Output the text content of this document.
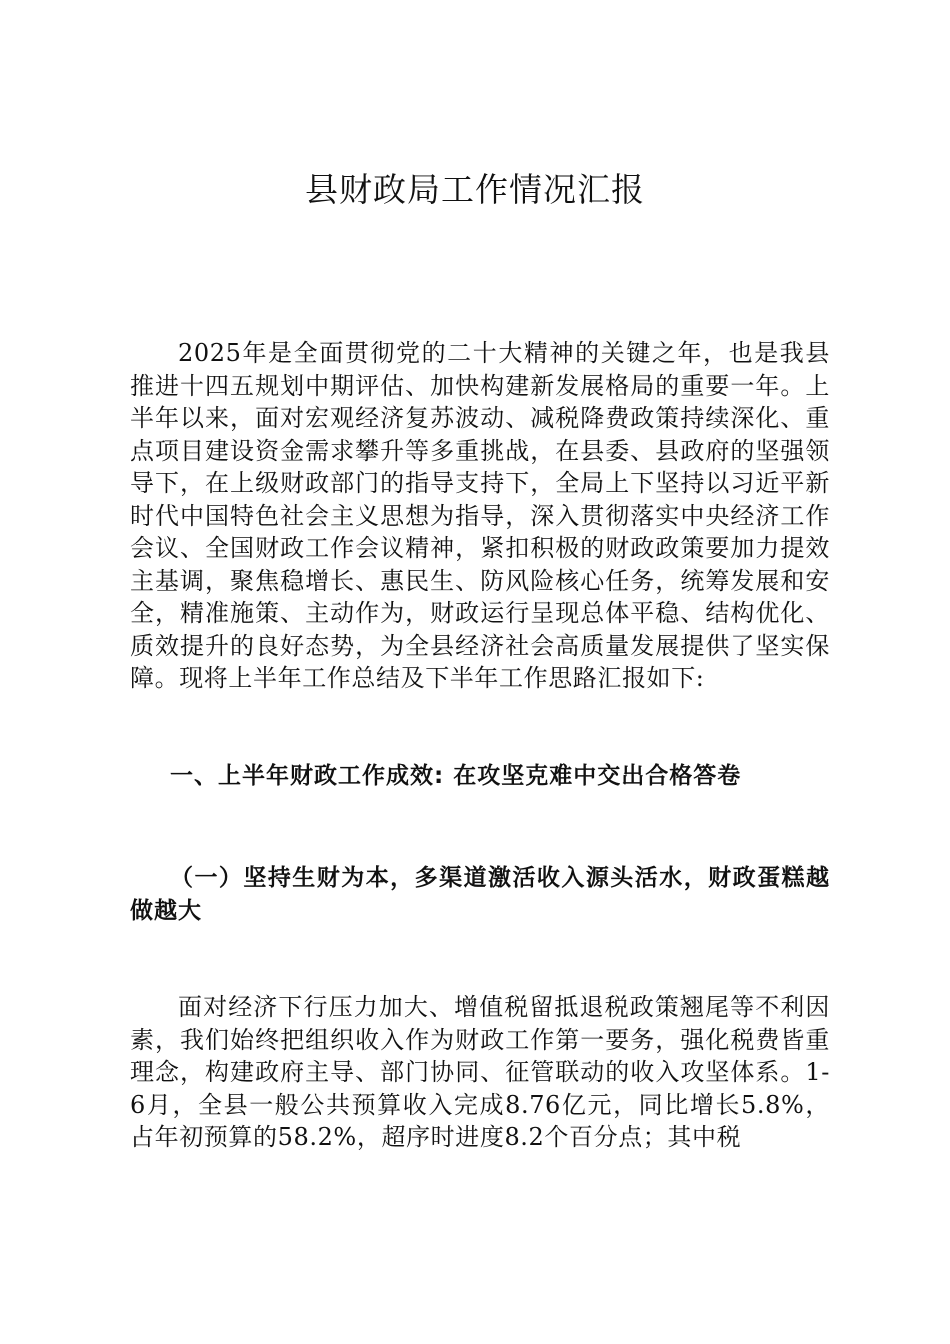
县财政局工作情况汇报

2025年是全面贯彻党的二十大精神的关键之年，也是我县推进十四五规划中期评估、加快构建新发展格局的重要一年。上半年以来，面对宏观经济复苏波动、减税降费政策持续深化、重点项目建设资金需求攀升等多重挑战，在县委、县政府的坚强领导下，在上级财政部门的指导支持下，全局上下坚持以习近平新时代中国特色社会主义思想为指导，深入贯彻落实中央经济工作会议、全国财政工作会议精神，紧扣积极的财政政策要加力提效主基调，聚焦稳增长、惠民生、防风险核心任务，统筹发展和安全，精准施策、主动作为，财政运行呈现总体平稳、结构优化、质效提升的良好态势，为全县经济社会高质量发展提供了坚实保障。现将上半年工作总结及下半年工作思路汇报如下:

一、上半年财政工作成效: 在攻坚克难中交出合格答卷
（一）坚持生财为本，多渠道激活收入源头活水，财政蛋糕越做越大

面对经济下行压力加大、增值税留抵退税政策翘尾等不利因素，我们始终把组织收入作为财政工作第一要务，强化税费皆重理念，构建政府主导、部门协同、征管联动的收入攻坚体系。1-6月，全县一般公共预算收入完成8.76亿元，同比增长5.8%，占年初预算的58.2%，超序时进度8.2个百分点；其中税
